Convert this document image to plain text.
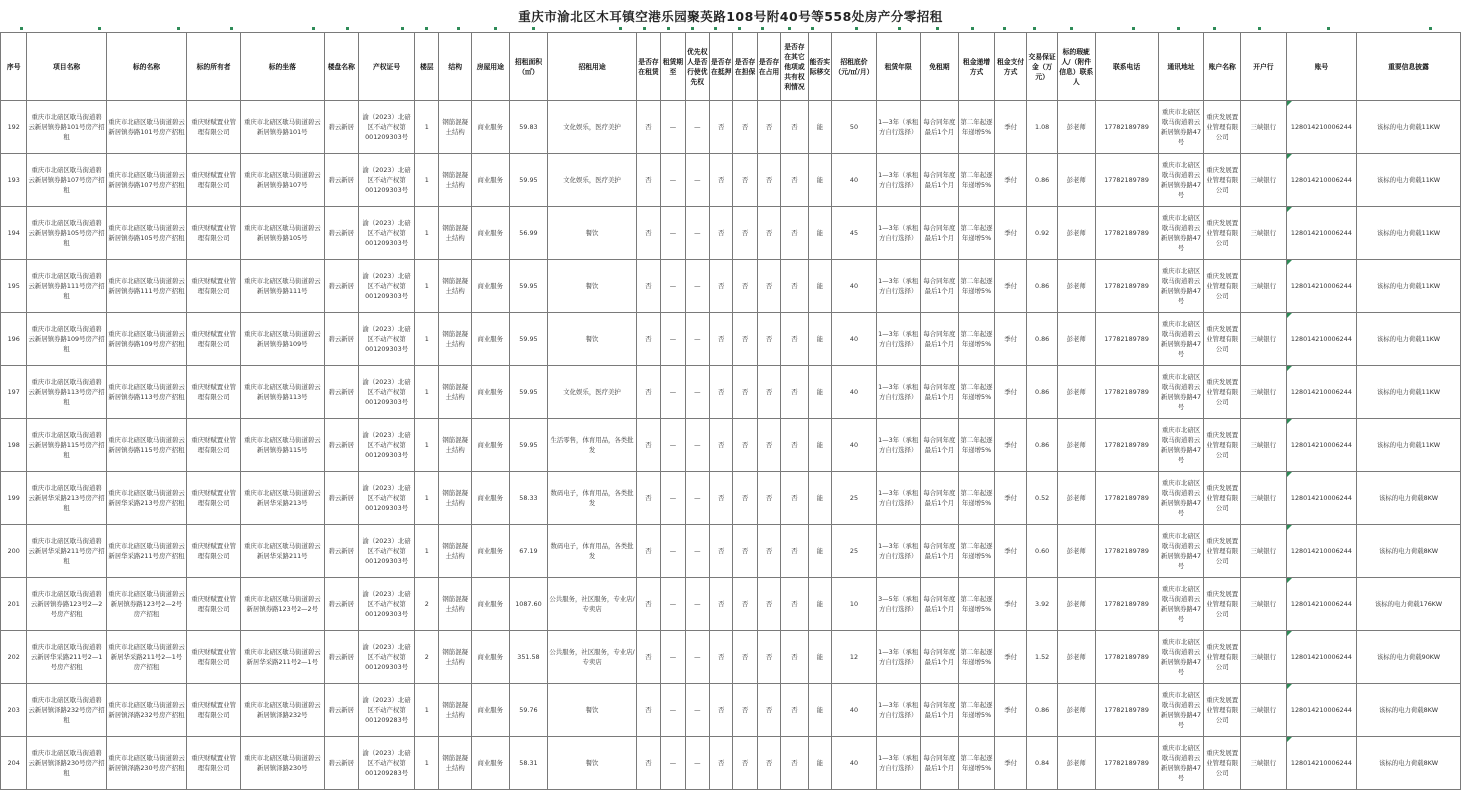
重庆市渝北区木耳镇空港乐园聚英路108号附40号等558处房产分零招租
序号	项目名称	标的名称	标的所有者	标的坐落	楼盘名称	产权证号	楼层	结构	房屋用途	招租面积（㎡）	招租用途	是否存在租赁	租赁期至	优先权人是否行使优先权	是否存在抵押	是否存在担保	是否存在占用	是否存在其它他项或共有权利情况	能否实际移交	招租底价（元/㎡/月）	租赁年限	免租期	租金递增方式	租金支付方式	交易保证金（万元）	标的瑕疵人/（附件信息）联系人	联系电话	通讯地址	账户名称	开户行	账号	重要信息披露
192	重庆市北碚区歇马街道碧云新居镇券路101号房产招租	重庆市北碚区歇马街道碧云新居镇券路101号房产招租	重庆财赋置业管理有限公司	重庆市北碚区歇马街道碧云新居镇券路101号	碧云新居	渝（2023）北碚区不动产权第001209303号	1	钢筋混凝土结构	商业服务	59.83	文化娱乐，医疗美护	否	—	—	否	否	否	否	能	50	1—3年（承租方自行选择）	每合同年度最后1个月	第二年起逐年递增5%	季付	1.08	彭老师	17782189789	重庆市北碚区歇马街道碧云新居镇券路47号	重庆发展置业管理有限公司	三峡银行	128014210006244	该标的电力荷载11KW
193	重庆市北碚区歇马街道碧云新居镇券路107号房产招租	重庆市北碚区歇马街道碧云新居镇券路107号房产招租	重庆财赋置业管理有限公司	重庆市北碚区歇马街道碧云新居镇券路107号	碧云新居	渝（2023）北碚区不动产权第001209303号	1	钢筋混凝土结构	商业服务	59.95	文化娱乐，医疗美护	否	—	—	否	否	否	否	能	40	1—3年（承租方自行选择）	每合同年度最后1个月	第二年起逐年递增5%	季付	0.86	彭老师	17782189789	重庆市北碚区歇马街道碧云新居镇券路47号	重庆发展置业管理有限公司	三峡银行	128014210006244	该标的电力荷载11KW
194	重庆市北碚区歇马街道碧云新居镇券路105号房产招租	重庆市北碚区歇马街道碧云新居镇券路105号房产招租	重庆财赋置业管理有限公司	重庆市北碚区歇马街道碧云新居镇券路105号	碧云新居	渝（2023）北碚区不动产权第001209303号	1	钢筋混凝土结构	商业服务	56.99	餐饮	否	—	—	否	否	否	否	能	45	1—3年（承租方自行选择）	每合同年度最后1个月	第二年起逐年递增5%	季付	0.92	彭老师	17782189789	重庆市北碚区歇马街道碧云新居镇券路47号	重庆发展置业管理有限公司	三峡银行	128014210006244	该标的电力荷载11KW
195	重庆市北碚区歇马街道碧云新居镇券路111号房产招租	重庆市北碚区歇马街道碧云新居镇券路111号房产招租	重庆财赋置业管理有限公司	重庆市北碚区歇马街道碧云新居镇券路111号	碧云新居	渝（2023）北碚区不动产权第001209303号	1	钢筋混凝土结构	商业服务	59.95	餐饮	否	—	—	否	否	否	否	能	40	1—3年（承租方自行选择）	每合同年度最后1个月	第二年起逐年递增5%	季付	0.86	彭老师	17782189789	重庆市北碚区歇马街道碧云新居镇券路47号	重庆发展置业管理有限公司	三峡银行	128014210006244	该标的电力荷载11KW
196	重庆市北碚区歇马街道碧云新居镇券路109号房产招租	重庆市北碚区歇马街道碧云新居镇券路109号房产招租	重庆财赋置业管理有限公司	重庆市北碚区歇马街道碧云新居镇券路109号	碧云新居	渝（2023）北碚区不动产权第001209303号	1	钢筋混凝土结构	商业服务	59.95	餐饮	否	—	—	否	否	否	否	能	40	1—3年（承租方自行选择）	每合同年度最后1个月	第二年起逐年递增5%	季付	0.86	彭老师	17782189789	重庆市北碚区歇马街道碧云新居镇券路47号	重庆发展置业管理有限公司	三峡银行	128014210006244	该标的电力荷载11KW
197	重庆市北碚区歇马街道碧云新居镇券路113号房产招租	重庆市北碚区歇马街道碧云新居镇券路113号房产招租	重庆财赋置业管理有限公司	重庆市北碚区歇马街道碧云新居镇券路113号	碧云新居	渝（2023）北碚区不动产权第001209303号	1	钢筋混凝土结构	商业服务	59.95	文化娱乐，医疗美护	否	—	—	否	否	否	否	能	40	1—3年（承租方自行选择）	每合同年度最后1个月	第二年起逐年递增5%	季付	0.86	彭老师	17782189789	重庆市北碚区歇马街道碧云新居镇券路47号	重庆发展置业管理有限公司	三峡银行	128014210006244	该标的电力荷载11KW
198	重庆市北碚区歇马街道碧云新居镇券路115号房产招租	重庆市北碚区歇马街道碧云新居镇券路115号房产招租	重庆财赋置业管理有限公司	重庆市北碚区歇马街道碧云新居镇券路115号	碧云新居	渝（2023）北碚区不动产权第001209303号	1	钢筋混凝土结构	商业服务	59.95	生活零售，体育用品，各类批发	否	—	—	否	否	否	否	能	40	1—3年（承租方自行选择）	每合同年度最后1个月	第二年起逐年递增5%	季付	0.86	彭老师	17782189789	重庆市北碚区歇马街道碧云新居镇券路47号	重庆发展置业管理有限公司	三峡银行	128014210006244	该标的电力荷载11KW
199	重庆市北碚区歇马街道碧云新居华采路213号房产招租	重庆市北碚区歇马街道碧云新居华采路213号房产招租	重庆财赋置业管理有限公司	重庆市北碚区歇马街道碧云新居华采路213号	碧云新居	渝（2023）北碚区不动产权第001209303号	1	钢筋混凝土结构	商业服务	58.33	数码电子，体育用品，各类批发	否	—	—	否	否	否	否	能	25	1—3年（承租方自行选择）	每合同年度最后1个月	第二年起逐年递增5%	季付	0.52	彭老师	17782189789	重庆市北碚区歇马街道碧云新居镇券路47号	重庆发展置业管理有限公司	三峡银行	128014210006244	该标的电力荷载8KW
200	重庆市北碚区歇马街道碧云新居华采路211号房产招租	重庆市北碚区歇马街道碧云新居华采路211号房产招租	重庆财赋置业管理有限公司	重庆市北碚区歇马街道碧云新居华采路211号	碧云新居	渝（2023）北碚区不动产权第001209303号	1	钢筋混凝土结构	商业服务	67.19	数码电子，体育用品，各类批发	否	—	—	否	否	否	否	能	25	1—3年（承租方自行选择）	每合同年度最后1个月	第二年起逐年递增5%	季付	0.60	彭老师	17782189789	重庆市北碚区歇马街道碧云新居镇券路47号	重庆发展置业管理有限公司	三峡银行	128014210006244	该标的电力荷载8KW
201	重庆市北碚区歇马街道碧云新居镇券路123号2—2号房产招租	重庆市北碚区歇马街道碧云新居镇券路123号2—2号房产招租	重庆财赋置业管理有限公司	重庆市北碚区歇马街道碧云新居镇券路123号2—2号	碧云新居	渝（2023）北碚区不动产权第001209303号	2	钢筋混凝土结构	商业服务	1087.60	公共服务，社区服务，专业店/专卖店	否	—	—	否	否	否	否	能	10	3—5年（承租方自行选择）	每合同年度最后1个月	第二年起逐年递增5%	季付	3.92	彭老师	17782189789	重庆市北碚区歇马街道碧云新居镇券路47号	重庆发展置业管理有限公司	三峡银行	128014210006244	该标的电力荷载176KW
202	重庆市北碚区歇马街道碧云新居华采路211号2—1号房产招租	重庆市北碚区歇马街道碧云新居华采路211号2—1号房产招租	重庆财赋置业管理有限公司	重庆市北碚区歇马街道碧云新居华采路211号2—1号	碧云新居	渝（2023）北碚区不动产权第001209303号	2	钢筋混凝土结构	商业服务	351.58	公共服务，社区服务，专业店/专卖店	否	—	—	否	否	否	否	能	12	1—3年（承租方自行选择）	每合同年度最后1个月	第二年起逐年递增5%	季付	1.52	彭老师	17782189789	重庆市北碚区歇马街道碧云新居镇券路47号	重庆发展置业管理有限公司	三峡银行	128014210006244	该标的电力荷载90KW
203	重庆市北碚区歇马街道碧云新居镇泽路232号房产招租	重庆市北碚区歇马街道碧云新居镇泽路232号房产招租	重庆财赋置业管理有限公司	重庆市北碚区歇马街道碧云新居镇泽路232号	碧云新居	渝（2023）北碚区不动产权第001209283号	1	钢筋混凝土结构	商业服务	59.76	餐饮	否	—	—	否	否	否	否	能	40	1—3年（承租方自行选择）	每合同年度最后1个月	第二年起逐年递增5%	季付	0.86	彭老师	17782189789	重庆市北碚区歇马街道碧云新居镇券路47号	重庆发展置业管理有限公司	三峡银行	128014210006244	该标的电力荷载8KW
204	重庆市北碚区歇马街道碧云新居镇泽路230号房产招租	重庆市北碚区歇马街道碧云新居镇泽路230号房产招租	重庆财赋置业管理有限公司	重庆市北碚区歇马街道碧云新居镇泽路230号	碧云新居	渝（2023）北碚区不动产权第001209283号	1	钢筋混凝土结构	商业服务	58.31	餐饮	否	—	—	否	否	否	否	能	40	1—3年（承租方自行选择）	每合同年度最后1个月	第二年起逐年递增5%	季付	0.84	彭老师	17782189789	重庆市北碚区歇马街道碧云新居镇券路47号	重庆发展置业管理有限公司	三峡银行	128014210006244	该标的电力荷载8KW
